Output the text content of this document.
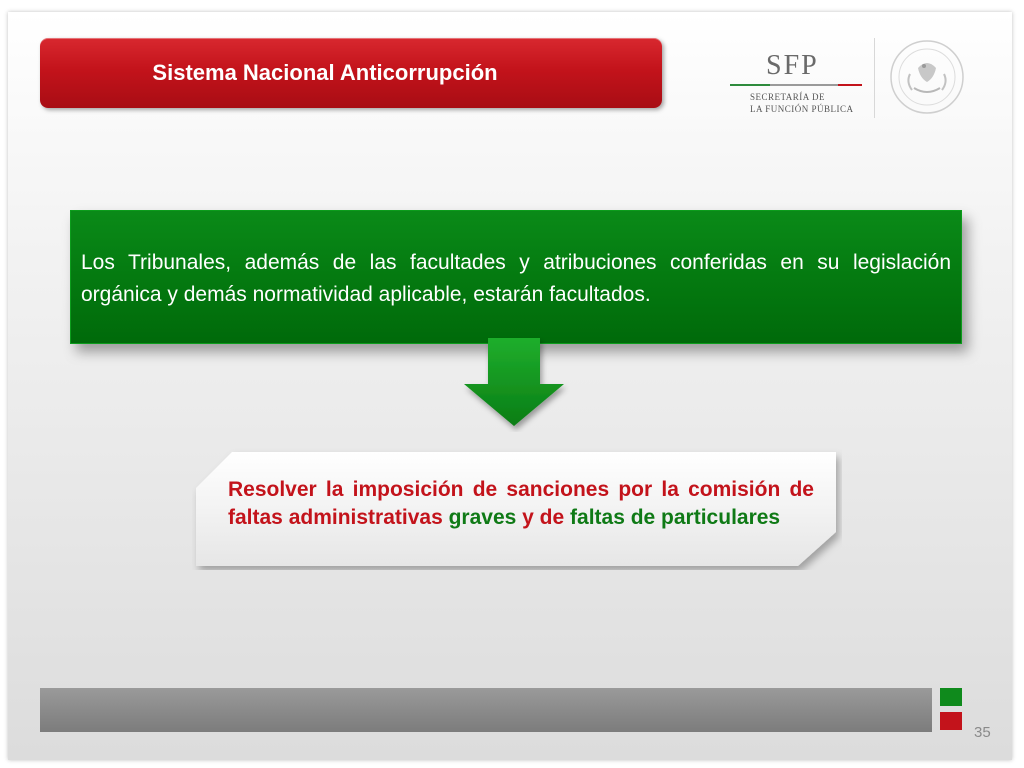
Sistema Nacional Anticorrupción	SFP
SECRETARÍA DE
LA FUNCIÓN PÚBLICA
Los Tribunales, además de las facultades y atribuciones conferidas en su legislación orgánica y demás normatividad aplicable, estarán facultados.
Resolver la imposición de sanciones por la comisión de faltas administrativas graves y de faltas de particulares
35
